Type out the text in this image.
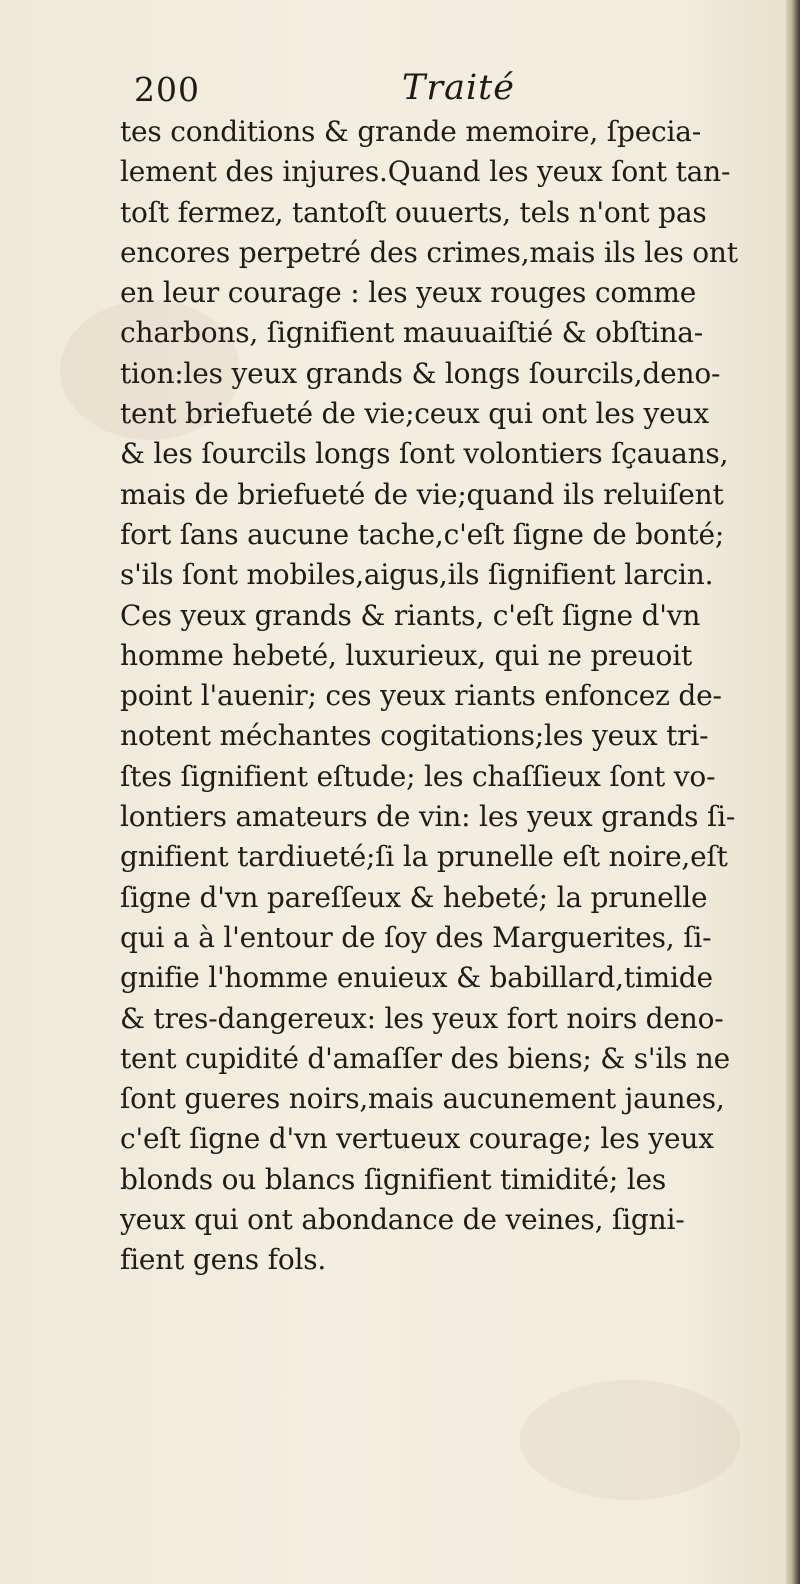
200	Traité
tes conditions & grande memoire, ſpecia-
lement des injures.Quand les yeux ſont tan-
toſt fermez, tantoſt ouuerts, tels n'ont pas
encores perpetré des crimes,mais ils les ont
en leur courage : les yeux rouges comme
charbons, ſignifient mauuaiſtié & obſtina-
tion:les yeux grands & longs ſourcils,deno-
tent briefueté de vie;ceux qui ont les yeux
& les ſourcils longs ſont volontiers ſçauans,
mais de briefueté de vie;quand ils reluiſent
fort ſans aucune tache,c'eſt ſigne de bonté;
s'ils ſont mobiles,aigus,ils ſignifient larcin.
Ces yeux grands & riants, c'eſt ſigne d'vn
homme hebeté, luxurieux, qui ne preuoit
point l'auenir; ces yeux riants enfoncez de-
notent méchantes cogitations;les yeux tri-
ſtes ſignifient eſtude; les chaſſieux ſont vo-
lontiers amateurs de vin: les yeux grands ſi-
gnifient tardiueté;ſi la prunelle eſt noire,eſt
ſigne d'vn pareſſeux & hebeté; la prunelle
qui a à l'entour de ſoy des Marguerites, ſi-
gnifie l'homme enuieux & babillard,timide
& tres-dangereux: les yeux fort noirs deno-
tent cupidité d'amaſſer des biens; & s'ils ne
ſont gueres noirs,mais aucunement jaunes,
c'eſt ſigne d'vn vertueux courage; les yeux
blonds ou blancs ſignifient timidité; les
yeux qui ont abondance de veines, ſigni-
fient gens fols.
